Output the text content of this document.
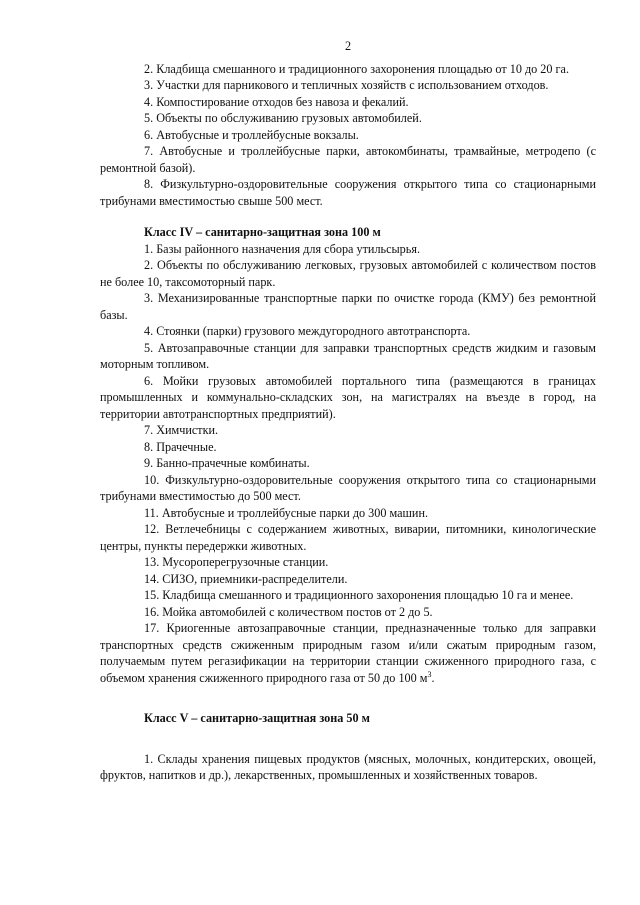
2

2. Кладбища смешанного и традиционного захоронения площадью от 10 до 20 га.

3. Участки для парникового и тепличных хозяйств с использованием отходов.

4. Компостирование отходов без навоза и фекалий.

5. Объекты по обслуживанию грузовых автомобилей.

6. Автобусные и троллейбусные вокзалы.

7. Автобусные и троллейбусные парки, автокомбинаты, трамвайные, метродепо (с ремонтной базой).

8. Физкультурно-оздоровительные сооружения открытого типа со стационарными трибунами вместимостью свыше 500 мест.

Класс IV – санитарно-защитная зона 100 м

1. Базы районного назначения для сбора утильсырья.

2. Объекты по обслуживанию легковых, грузовых автомобилей с количеством постов не более 10, таксомоторный парк.

3. Механизированные транспортные парки по очистке города (КМУ) без ремонтной базы.

4. Стоянки (парки) грузового междугородного автотранспорта.

5. Автозаправочные станции для заправки транспортных средств жидким и газовым моторным топливом.

6. Мойки грузовых автомобилей портального типа (размещаются в границах промышленных и коммунально-складских зон, на магистралях на въезде в город, на территории автотранспортных предприятий).

7. Химчистки.

8. Прачечные.

9. Банно-прачечные комбинаты.

10. Физкультурно-оздоровительные сооружения открытого типа со стационарными трибунами вместимостью до 500 мест.

11. Автобусные и троллейбусные парки до 300 машин.

12. Ветлечебницы с содержанием животных, виварии, питомники, кинологические центры, пункты передержки животных.

13. Мусороперегрузочные станции.

14. СИЗО, приемники-распределители.

15. Кладбища смешанного и традиционного захоронения площадью 10 га и менее.

16. Мойка автомобилей с количеством постов от 2 до 5.

17. Криогенные автозаправочные станции, предназначенные только для заправки транспортных средств сжиженным природным газом и/или сжатым природным газом, получаемым путем регазификации на территории станции сжиженного природного газа, с объемом хранения сжиженного природного газа от 50 до 100 $м^3$.

Класс V – санитарно-защитная зона 50 м

1. Склады хранения пищевых продуктов (мясных, молочных, кондитерских, овощей, фруктов, напитков и др.), лекарственных, промышленных и хозяйственных товаров.
